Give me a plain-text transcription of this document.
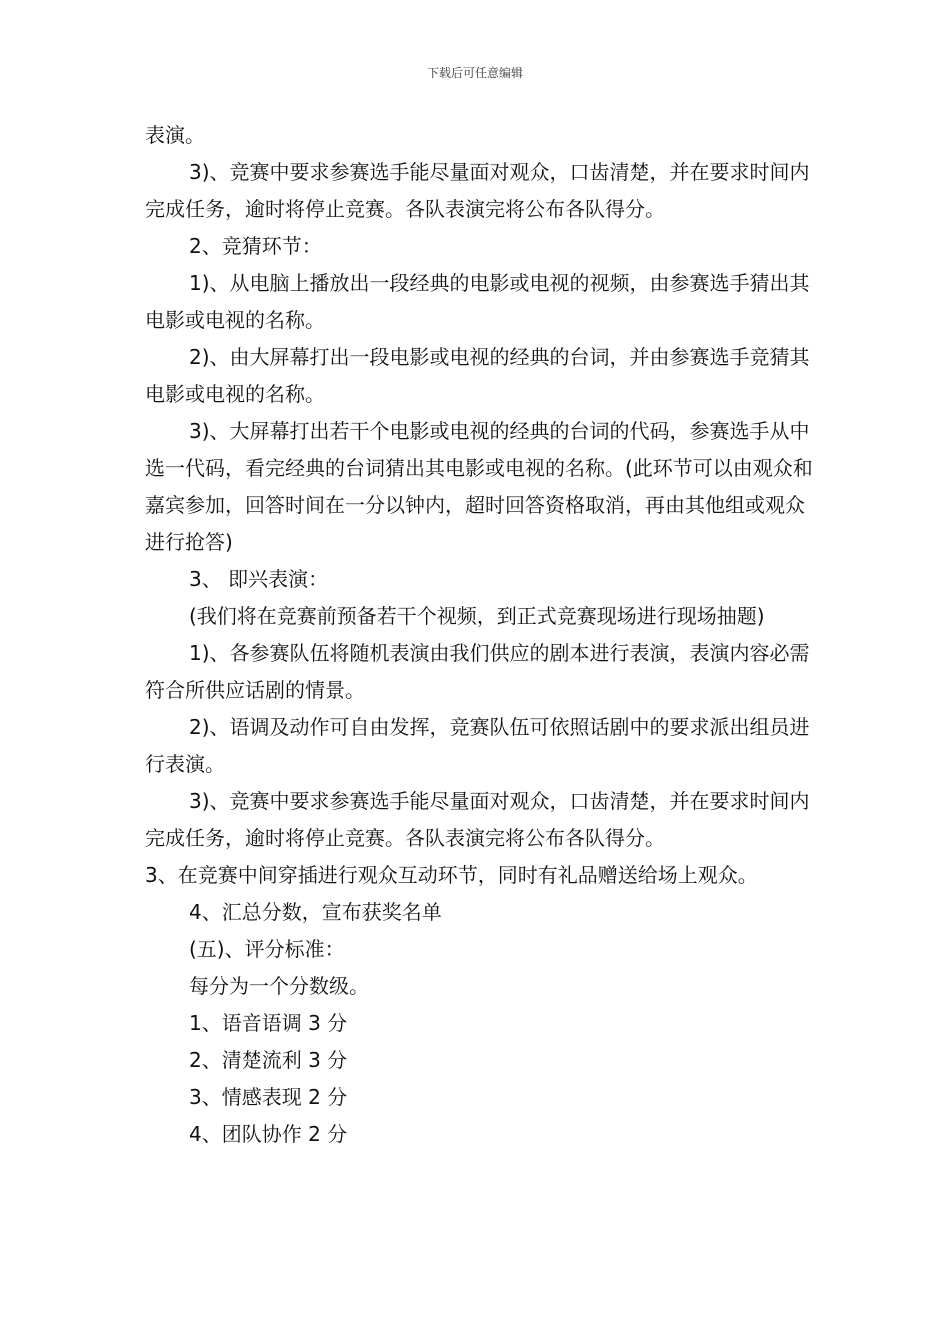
下载后可任意编辑

表演。

3)、竞赛中要求参赛选手能尽量面对观众，口齿清楚，并在要求时间内完成任务，逾时将停止竞赛。各队表演完将公布各队得分。

2、竞猜环节：

1)、从电脑上播放出一段经典的电影或电视的视频，由参赛选手猜出其电影或电视的名称。

2)、由大屏幕打出一段电影或电视的经典的台词，并由参赛选手竞猜其电影或电视的名称。

3)、大屏幕打出若干个电影或电视的经典的台词的代码，参赛选手从中选一代码，看完经典的台词猜出其电影或电视的名称。(此环节可以由观众和嘉宾参加，回答时间在一分以钟内，超时回答资格取消，再由其他组或观众进行抢答)

3、 即兴表演：

(我们将在竞赛前预备若干个视频，到正式竞赛现场进行现场抽题)

1)、各参赛队伍将随机表演由我们供应的剧本进行表演，表演内容必需符合所供应话剧的情景。

2)、语调及动作可自由发挥，竞赛队伍可依照话剧中的要求派出组员进行表演。

3)、竞赛中要求参赛选手能尽量面对观众，口齿清楚，并在要求时间内完成任务，逾时将停止竞赛。各队表演完将公布各队得分。

3、在竞赛中间穿插进行观众互动环节，同时有礼品赠送给场上观众。

4、汇总分数，宣布获奖名单

(五)、评分标准：

每分为一个分数级。

1、语音语调 3 分

2、清楚流利 3 分

3、情感表现 2 分

4、团队协作 2 分
